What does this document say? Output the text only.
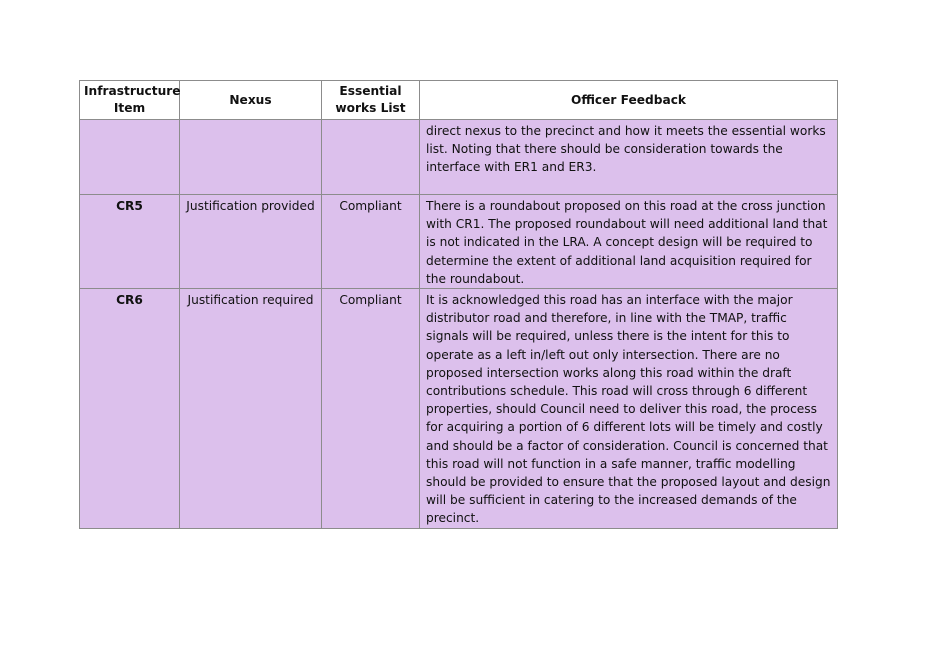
Infrastructure Item	Nexus	Essential works List	Officer Feedback
			direct nexus to the precinct and how it meets the essential works list. Noting that there should be consideration towards the interface with ER1 and ER3.
CR5	Justification provided	Compliant	There is a roundabout proposed on this road at the cross junction with CR1. The proposed roundabout will need additional land that is not indicated in the LRA. A concept design will be required to determine the extent of additional land acquisition required for the roundabout.
CR6	Justification required	Compliant	It is acknowledged this road has an interface with the major distributor road and therefore, in line with the TMAP, traffic signals will be required, unless there is the intent for this to operate as a left in/left out only intersection. There are no proposed intersection works along this road within the draft contributions schedule. This road will cross through 6 different properties, should Council need to deliver this road, the process for acquiring a portion of 6 different lots will be timely and costly and should be a factor of consideration. Council is concerned that this road will not function in a safe manner, traffic modelling should be provided to ensure that the proposed layout and design will be sufficient in catering to the increased demands of the precinct.
